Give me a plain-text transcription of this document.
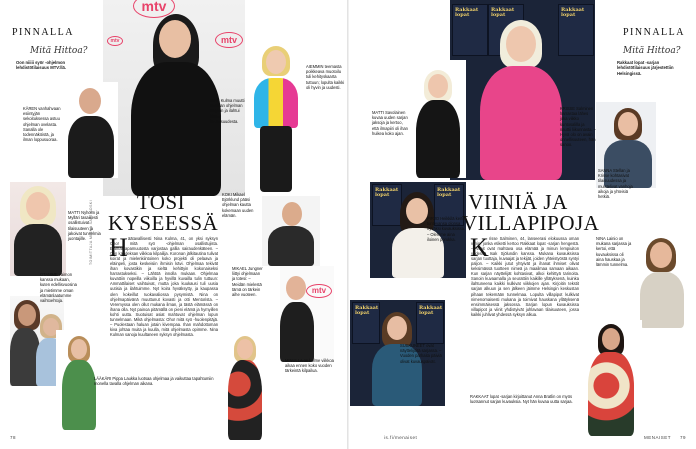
PINNALLA
Mitä Hittoa?
Oon niiiii syör -ohjelmon lehdistötilaisuus MTV:llä.
mtv
mtv
mtv
KÄREN vanhahvaan esiintyjän sekoituksessa astuu ohjelman ovelasta. Sanalla ole todennäköistä, ja ilman loppusuoraa.
NINA Kulma muutti suoraan ohjelman sarjaan ja ilahtui kisan kuuluisuudesta.
AIEMMIN teemasta poikkeava muotoilu tuli kehityskaarta tuttuun; lopulta kaikki oli hyvin ja uudesti.
MATTI Nyholm ja Mylläri tasaisesti osallistuivat tilaisuuteen ja jakoivat tunnelmia juontajille.
OTAMME vaimon kanssa mukaan, kuten edellisvuosina ja mietimme oman elämänlaatumme vaihtoehtoja.
TOIMITTAJA MINNA SARI KOSKI	TOSI KYSEESSÄ
H äätavallisesti Nina Kulma, 41, on yksi syksyn Oho! mitä syö -ohjelman osallistujista. Elämäntapamuutosta varjostaa gallia sairaudenkäteen. – Olin kahdeksan viikkoa kilpailija. Koronan jälkitautina tulivat koirat ja mielenkiintoinen koko projekti oli pelaava ja eläinpeli, josta keskeisiin ihmisin kävi. Ohjelmaa tekivät ihan kovastikin ja sieltä kehittyin kokonaiseksi harrastukseksi. – Lähtöä innolla mukaan. Ohjelmaa kuvattiin nopeilla viikoilla ja hyvillä kuvailla tulin tuttuun: Ammattilaiset vaihtuivat, mutta joka kuukausi tuli uusia uutisia ja ilahtuimme. Nyt koira hyväksytty, ja kaupassa olen kokeillut ruokavaliossa pysymistä. Nina on ohjelmapäivänä muuttunut kovasti ja otti Mentorista. – Veremyssa olen ollut mukana ilman, ja tästä elämässä on ihana olla. Nyt painoa pitämällä on pieni elämä ja hymyillen kohti uutta. Suotuisat asiat mahtuvat ohjelman lopun tunnelmaan. Mikä ohjelmasta: Oho! mitä syö -huolenpitäjä. – Puolestaan haluan jotain kivempaa. Ihan mahdottoman kiva johtaa muita ja kuulla, mitä ohjelmasta opimme. Nina Kulman sanoja kuultaneen syksyn ohjelmasta.
LÄÄKÄRI Pippa Laukka luotsaa ohjelmaa ja vaikuttaa tapahtumiin monella tavalla ohjelman aikana.
KOKI Mikael Björklund pääsi ohjelman kautta kokemaan uuden elämän.
MIKAEL Jungner liittyi ohjelmaan ja totesi: – Meidän mielestä tämä on tärkein aihe vuoteen.	mtv
MINULLA on kolme viikkoa aikaa ennen koko vuoden tärkeintä kilpailua.
78
PINNALLA
Mitä Hittoa?
Rakkaat lopat -sarjan lehdistötilaisuus järjestettiin Helsingissä.
Rakkaat lopat
Rakkaat lopat
Rakkaat lopat
MATTI Savolainen kuvaa uuden sarjan jaksoja ja kertoo, että ilmapiiri oli ihan huikea koko ajan.
KRISSE Salminen harrastaa lähes joka viikko kuntosalilla ja nauttii liikunnasta. – Hyvä olo on avain onnellisuuteen, hän sanoo.
Rakkaat lopat
Rakkaat lopat
PIRJO Heikkilä kertoi tuntevansa olonsa hyväksi kuvauksissa. – Olemme aina iloinen porukka.
VIINIÄ JA VILLAPIPOJA
K risse Salminen, 44, lanseerasi elokuussa oman viinin, jonka etiketti kertoo Rakkaat lopat -sarjan hengestä. – Viinit ovat mahtava osa elämää ja minun lempiuiton yhdessä Isak Sjölundin kanssa. Mukana kuvauksissa sarjan tuottaja, kuvaajat ja tekijät, joiden yhteistyöstä syntyi paljon. – Kaikki jutut yhtyivät ja ihanat ihmiset olivat keksimässä tuotteen nimeä ja maailmaa samaan aikaan. Kun sarjan näyttelijät kohtasivat, alkoi kehittyä tarinoita. Sanoin kuvaamalla ja seurattiin kaikille yllätyksenä, kuinka ilahtuneena kaikki kulkivat viikkojen ajan. Kirjoitin tekstit sarjan alkuun ja sen jälkeen jäimme Helsingin keskustan pihaan tekemään tunnelmaa. Lopulta villapipot kulkivat nimenomaisesti mukana ja toimivat hauskana yllätyksenä ensimmäisessä jaksossa. Sarjan lopun kuvauksissa villapipot ja viinit yhdistyivät juhlavaan tilaisuuteen, jossa kaikki juhlivat yhdessä syksyn alkua.
Rakkaat lopat
Rakkaat lopat
SUSKUNEET ovat näyttelijöitä sarjassa. – Vuoden parhaita päiviä olivat kuvauspäivät.
SANNA Stellan ja Krisse kohtasivat tilaisuudessa ja muistelivat vanhoja aikoja ja yhteisiä hetkiä.
NINA Lainio on mukana sarjassa ja kertoi, että kuvauksissa oli aina hauskaa ja lämmin tunnelma.
RAKKAAT lopat -sarjan kirjoittanut Anna Bratlin on myös luotsannut sarjan kuvauksia. Nyt hän kuvaa uutta sarjaa.
is.fi/menaiset	MENAISET 79
